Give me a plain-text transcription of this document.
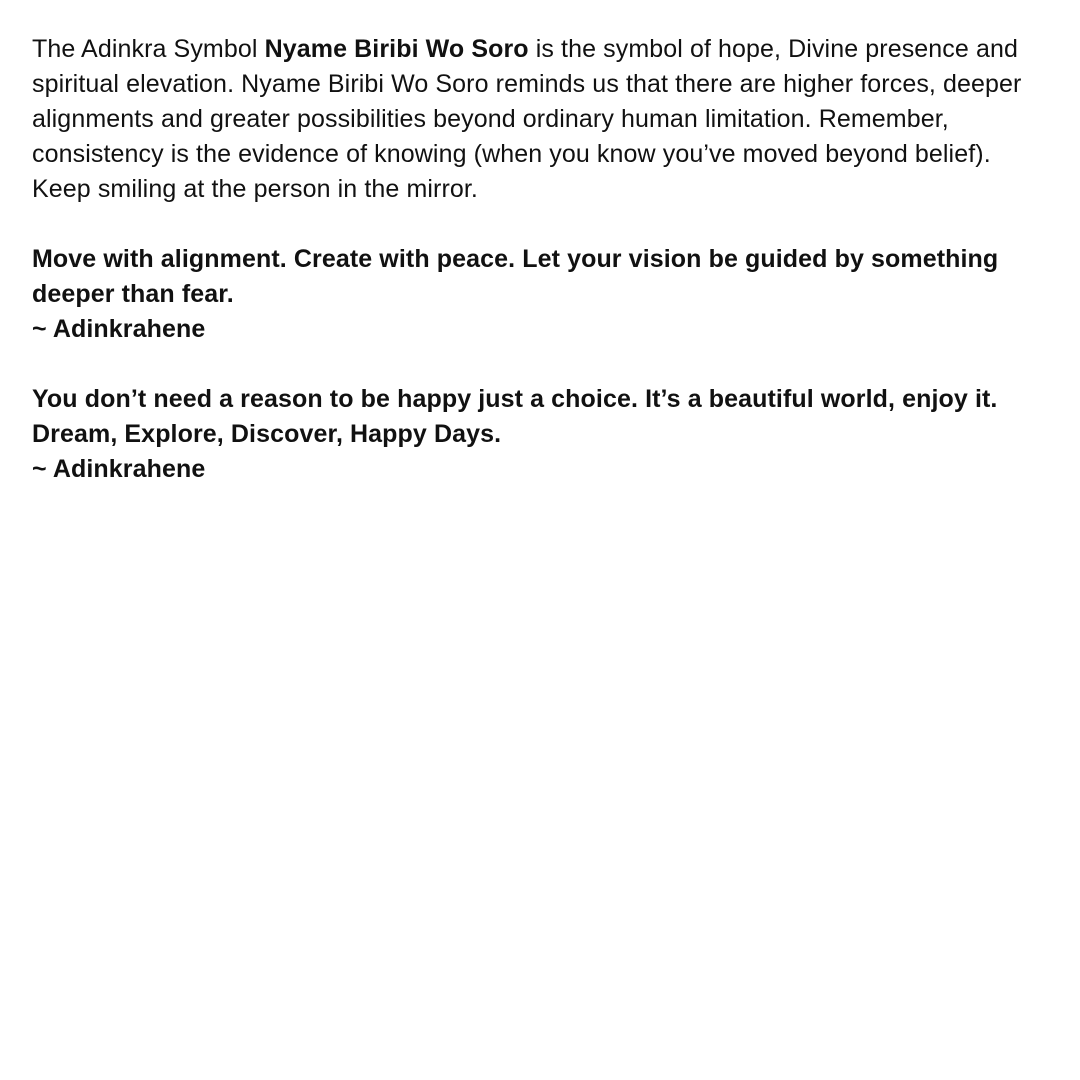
The Adinkra Symbol Nyame Biribi Wo Soro is the symbol of hope, Divine presence and spiritual elevation. Nyame Biribi Wo Soro reminds us that there are higher forces, deeper alignments and greater possibilities beyond ordinary human limitation. Remember, consistency is the evidence of knowing (when you know you’ve moved beyond belief). Keep smiling at the person in the mirror.

Move with alignment. Create with peace. Let your vision be guided by something deeper than fear.
~ Adinkrahene

You don’t need a reason to be happy just a choice. It’s a beautiful world, enjoy it. Dream, Explore, Discover, Happy Days.
~ Adinkrahene
